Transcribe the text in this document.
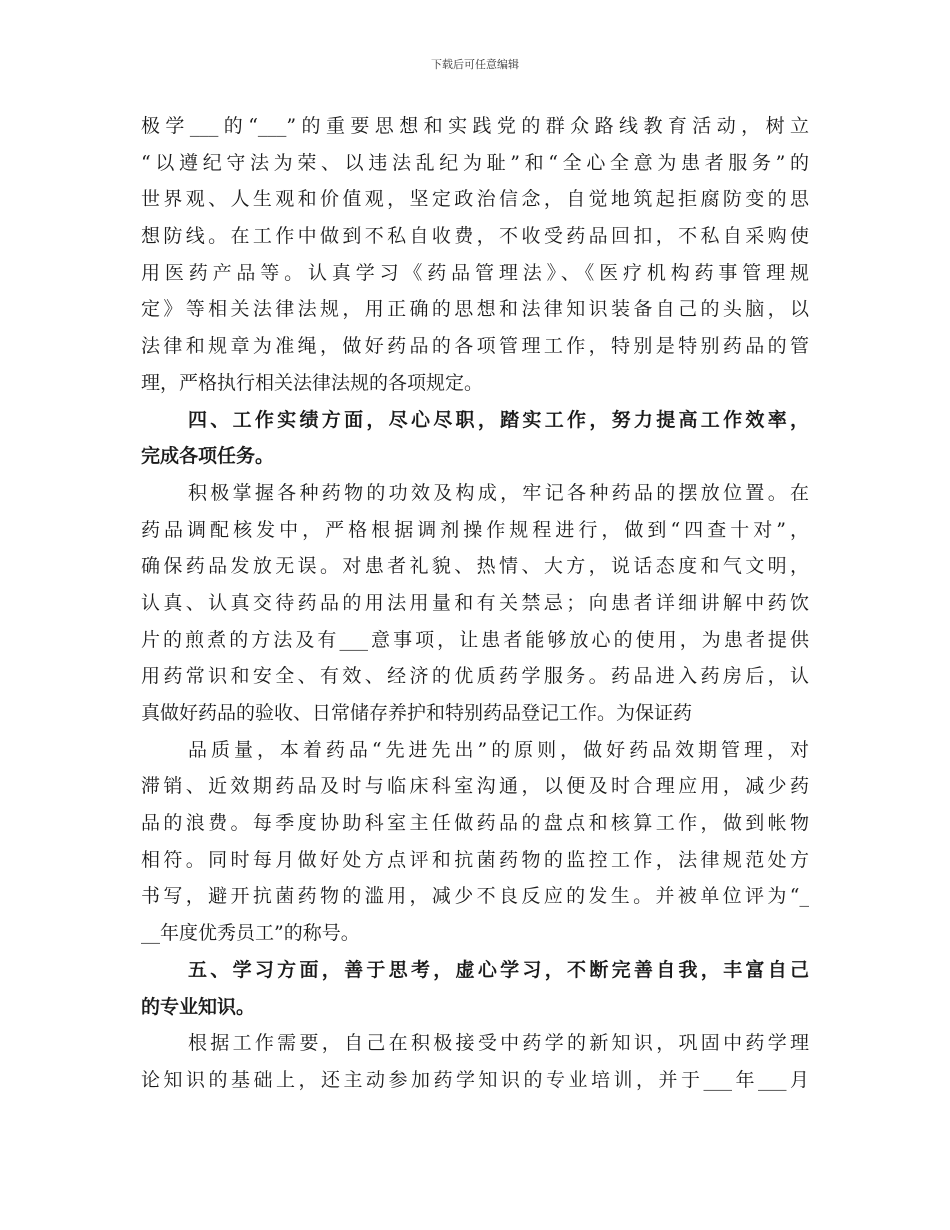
下载后可任意编辑
极学___的“___”的重要思想和实践党的群众路线教育活动，树立
“以遵纪守法为荣、以违法乱纪为耻”和“全心全意为患者服务”的
世界观、人生观和价值观，坚定政治信念，自觉地筑起拒腐防变的思
想防线。在工作中做到不私自收费，不收受药品回扣，不私自采购使
用医药产品等。认真学习《药品管理法》、《医疗机构药事管理规
定》等相关法律法规，用正确的思想和法律知识装备自己的头脑，以
法律和规章为准绳，做好药品的各项管理工作，特别是特别药品的管
理，严格执行相关法律法规的各项规定。
四、工作实绩方面，尽心尽职，踏实工作，努力提高工作效率，
完成各项任务。
积极掌握各种药物的功效及构成，牢记各种药品的摆放位置。在
药品调配核发中，严格根据调剂操作规程进行，做到“四查十对”，
确保药品发放无误。对患者礼貌、热情、大方，说话态度和气文明，
认真、认真交待药品的用法用量和有关禁忌；向患者详细讲解中药饮
片的煎煮的方法及有___意事项，让患者能够放心的使用，为患者提供
用药常识和安全、有效、经济的优质药学服务。药品进入药房后，认
真做好药品的验收、日常储存养护和特别药品登记工作。为保证药
品质量，本着药品“先进先出”的原则，做好药品效期管理，对
滞销、近效期药品及时与临床科室沟通，以便及时合理应用，减少药
品的浪费。每季度协助科室主任做药品的盘点和核算工作，做到帐物
相符。同时每月做好处方点评和抗菌药物的监控工作，法律规范处方
书写，避开抗菌药物的滥用，减少不良反应的发生。并被单位评为“_
__年度优秀员工”的称号。
五、学习方面，善于思考，虚心学习，不断完善自我，丰富自己
的专业知识。
根据工作需要，自己在积极接受中药学的新知识，巩固中药学理
论知识的基础上，还主动参加药学知识的专业培训，并于___年___月
